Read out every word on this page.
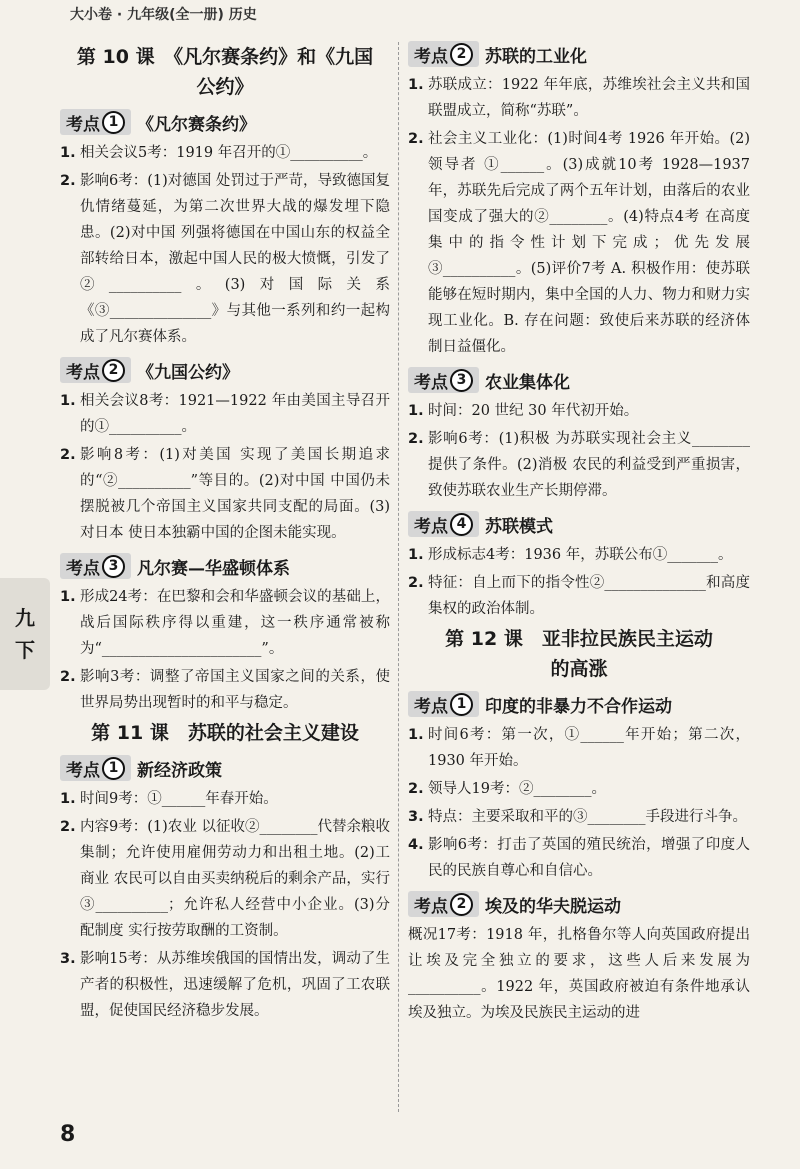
大小卷 · 九年级(全一册) 历史
九
下
第 10 课　《凡尔赛条约》和《九国
公约》
考点 1	《凡尔赛条约》
1. 相关会议5考：1919 年召开的①__________。
2. 影响6考：(1)对德国 处罚过于严苛，导致德国复仇情绪蔓延，为第二次世界大战的爆发埋下隐患。(2)对中国 列强将德国在中国山东的权益全部转给日本，激起中国人民的极大愤慨，引发了②__________。(3)对国际关系《③______________》与其他一系列和约一起构成了凡尔赛体系。
考点 2	《九国公约》
1. 相关会议8考：1921—1922 年由美国主导召开的①__________。
2. 影响8考：(1)对美国 实现了美国长期追求的“②__________”等目的。(2)对中国 中国仍未摆脱被几个帝国主义国家共同支配的局面。(3)对日本 使日本独霸中国的企图未能实现。
考点 3	凡尔赛—华盛顿体系
1. 形成24考：在巴黎和会和华盛顿会议的基础上，战后国际秩序得以重建，这一秩序通常被称为“______________________”。
2. 影响3考：调整了帝国主义国家之间的关系，使世界局势出现暂时的和平与稳定。
第 11 课　苏联的社会主义建设
考点 1	新经济政策
1. 时间9考：①______年春开始。
2. 内容9考：(1)农业 以征收②________代替余粮收集制；允许使用雇佣劳动力和出租土地。(2)工商业 农民可以自由买卖纳税后的剩余产品，实行③__________；允许私人经营中小企业。(3)分配制度 实行按劳取酬的工资制。
3. 影响15考：从苏维埃俄国的国情出发，调动了生产者的积极性，迅速缓解了危机，巩固了工农联盟，促使国民经济稳步发展。
考点 2	苏联的工业化
1. 苏联成立：1922 年年底，苏维埃社会主义共和国联盟成立，简称“苏联”。
2. 社会主义工业化：(1)时间4考 1926 年开始。(2)领导者 ①______。(3)成就10考 1928—1937 年，苏联先后完成了两个五年计划，由落后的农业国变成了强大的②________。(4)特点4考 在高度集中的指令性计划下完成；优先发展③__________。(5)评价7考 A. 积极作用：使苏联能够在短时期内，集中全国的人力、物力和财力实现工业化。B. 存在问题：致使后来苏联的经济体制日益僵化。
考点 3	农业集体化
1. 时间：20 世纪 30 年代初开始。
2. 影响6考：(1)积极 为苏联实现社会主义________提供了条件。(2)消极 农民的利益受到严重损害，致使苏联农业生产长期停滞。
考点 4	苏联模式
1. 形成标志4考：1936 年，苏联公布①_______。
2. 特征：自上而下的指令性②______________和高度集权的政治体制。
第 12 课　亚非拉民族民主运动
的高涨
考点 1	印度的非暴力不合作运动
1. 时间6考：第一次，①______年开始；第二次，1930 年开始。
2. 领导人19考：②________。
3. 特点：主要采取和平的③________手段进行斗争。
4. 影响6考：打击了英国的殖民统治，增强了印度人民的民族自尊心和自信心。
考点 2	埃及的华夫脱运动
概况17考：1918 年，扎格鲁尔等人向英国政府提出让埃及完全独立的要求，这些人后来发展为__________。1922 年，英国政府被迫有条件地承认埃及独立。为埃及民族民主运动的进
8
